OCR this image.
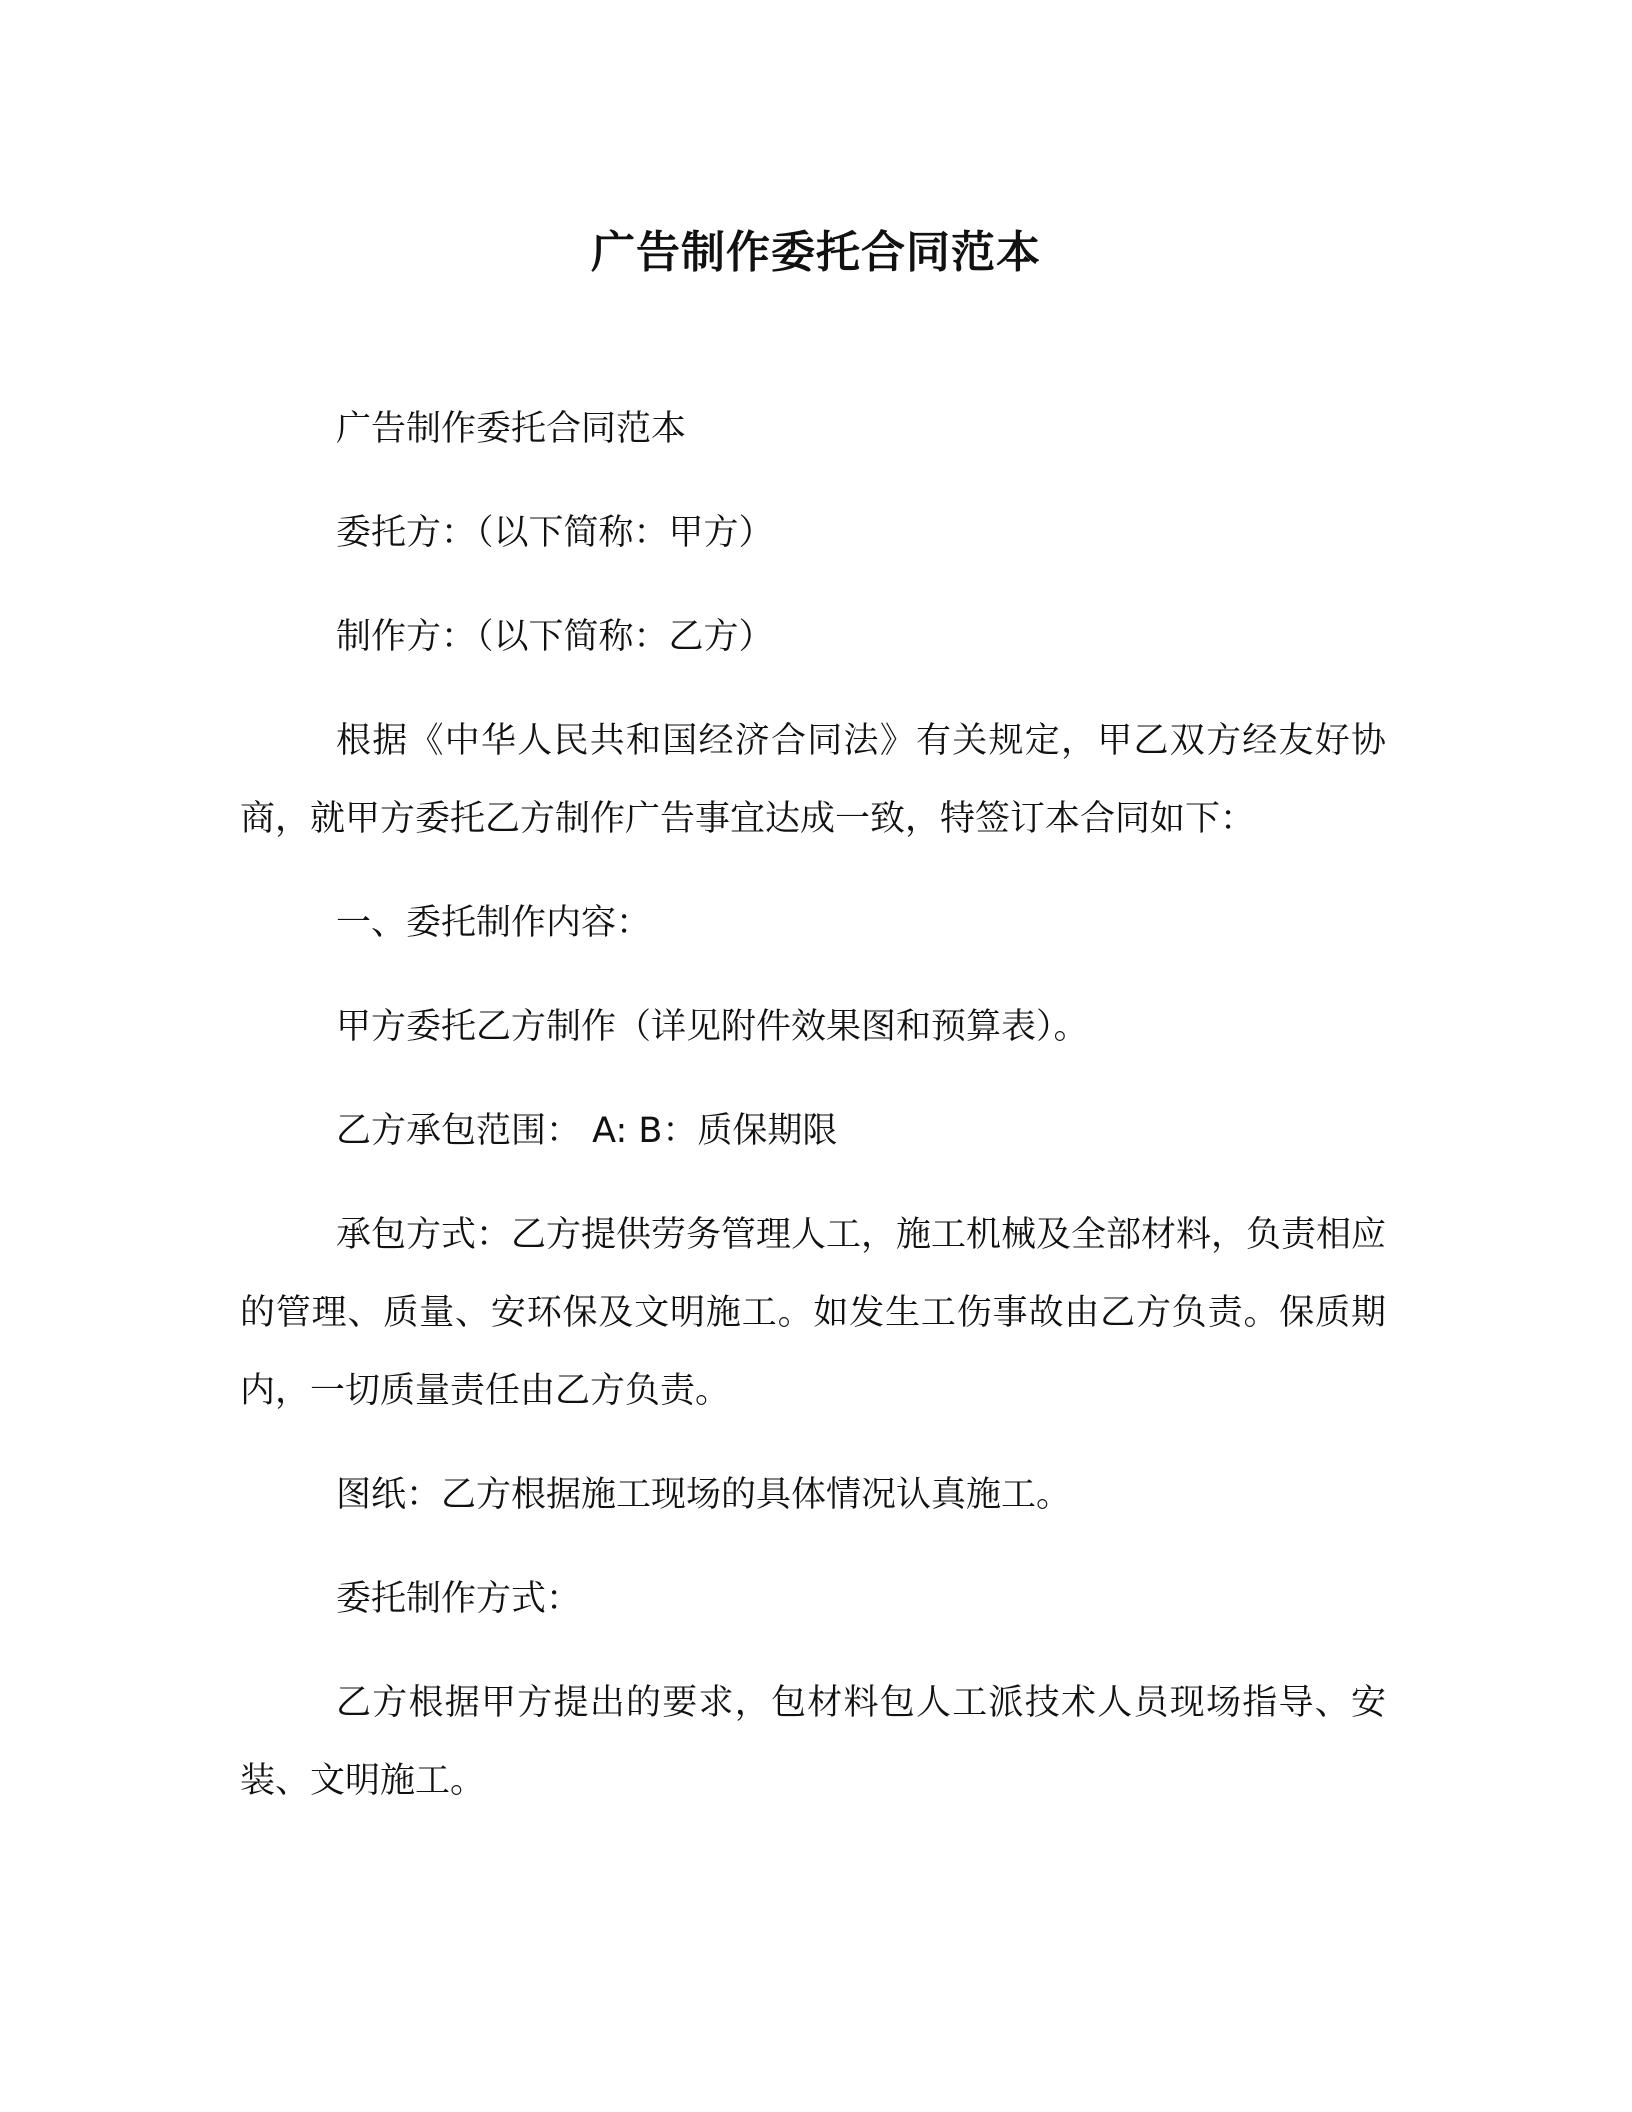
广告制作委托合同范本

广告制作委托合同范本

委托方：（以下简称：甲方）

制作方：（以下简称：乙方）

根据《中华人民共和国经济合同法》有关规定，甲乙双方经友好协商，就甲方委托乙方制作广告事宜达成一致，特签订本合同如下：

一、委托制作内容：

甲方委托乙方制作（详见附件效果图和预算表）。

乙方承包范围： A: B：质保期限

承包方式：乙方提供劳务管理人工，施工机械及全部材料，负责相应的管理、质量、安环保及文明施工。如发生工伤事故由乙方负责。保质期内，一切质量责任由乙方负责。

图纸：乙方根据施工现场的具体情况认真施工。

委托制作方式：

乙方根据甲方提出的要求，包材料包人工派技术人员现场指导、安装、文明施工。
